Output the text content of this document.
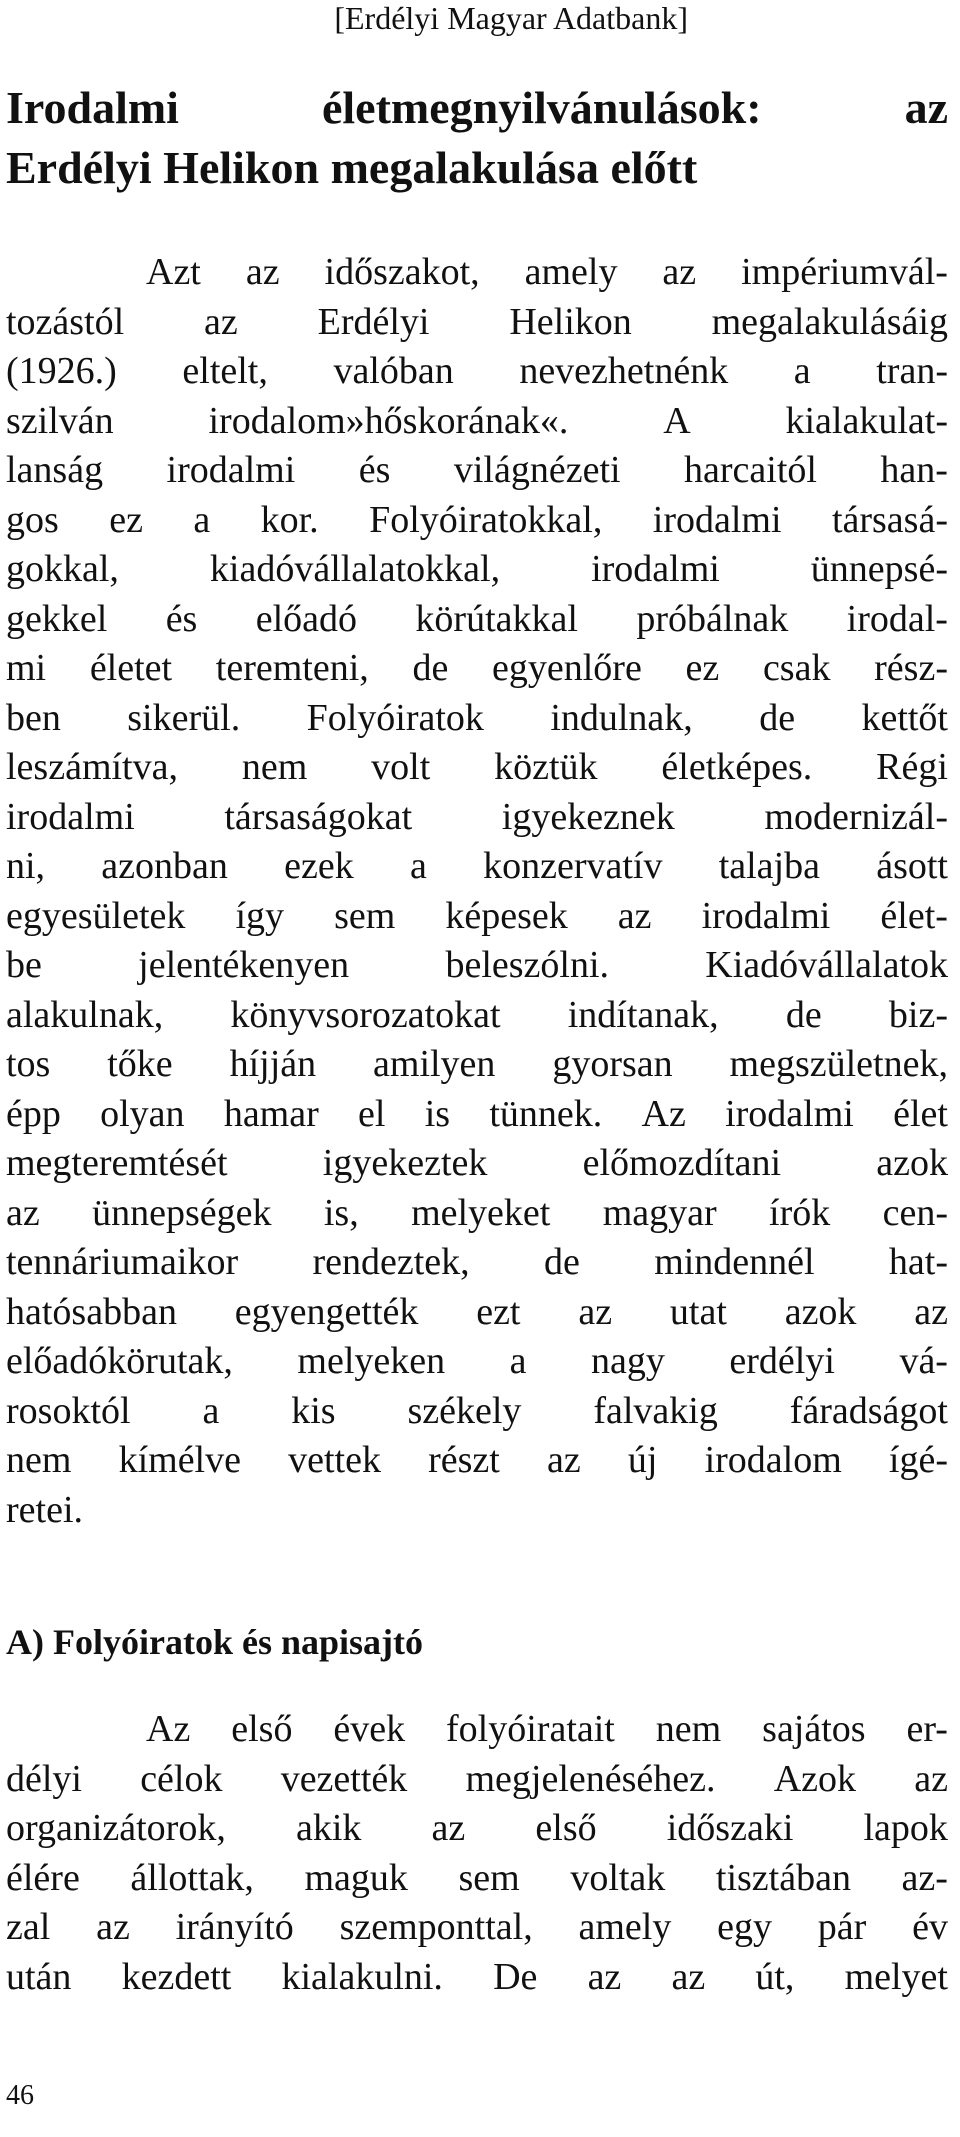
[Erdélyi Magyar Adatbank]
Irodalmi	életmegnyilvánulások:	az
Erdélyi Helikon megalakulása előtt
Azt az időszakot, amely az impériumvál-
tozástól az Erdélyi Helikon megalakulásáig
(1926.) eltelt, valóban nevezhetnénk a tran-
szilván irodalom»hőskorának«. A kialakulat-
lanság irodalmi és világnézeti harcaitól han-
gos ez a kor. Folyóiratokkal, irodalmi társasá-
gokkal, kiadóvállalatokkal, irodalmi ünnepsé-
gekkel és előadó körútakkal próbálnak irodal-
mi életet teremteni, de egyenlőre ez csak rész-
ben sikerül. Folyóiratok indulnak, de kettőt
leszámítva, nem volt köztük életképes. Régi
irodalmi társaságokat igyekeznek modernizál-
ni, azonban ezek a konzervatív talajba ásott
egyesületek így sem képesek az irodalmi élet-
be	jelentékenyen	beleszólni.	Kiadóvállalatok
alakulnak, könyvsorozatokat indítanak, de biz-
tos tőke híjján amilyen gyorsan megszületnek,
épp olyan hamar el is tünnek. Az irodalmi élet
megteremtését	igyekeztek	előmozdítani	azok
az ünnepségek is, melyeket magyar írók cen-
tennáriumaikor rendeztek, de mindennél hat-
hatósabban egyengették ezt az utat azok az
előadókörutak, melyeken a nagy erdélyi vá-
rosoktól a kis székely falvakig fáradságot
nem kímélve vettek részt az új irodalom ígé-
retei.
A) Folyóiratok és napisajtó
Az első évek folyóiratait nem sajátos er-
délyi célok vezették megjelenéséhez. Azok az
organizátorok, akik az első időszaki lapok
élére állottak, maguk sem voltak tisztában az-
zal az irányító szemponttal, amely egy pár év
után kezdett kialakulni. De az az út, melyet
46
